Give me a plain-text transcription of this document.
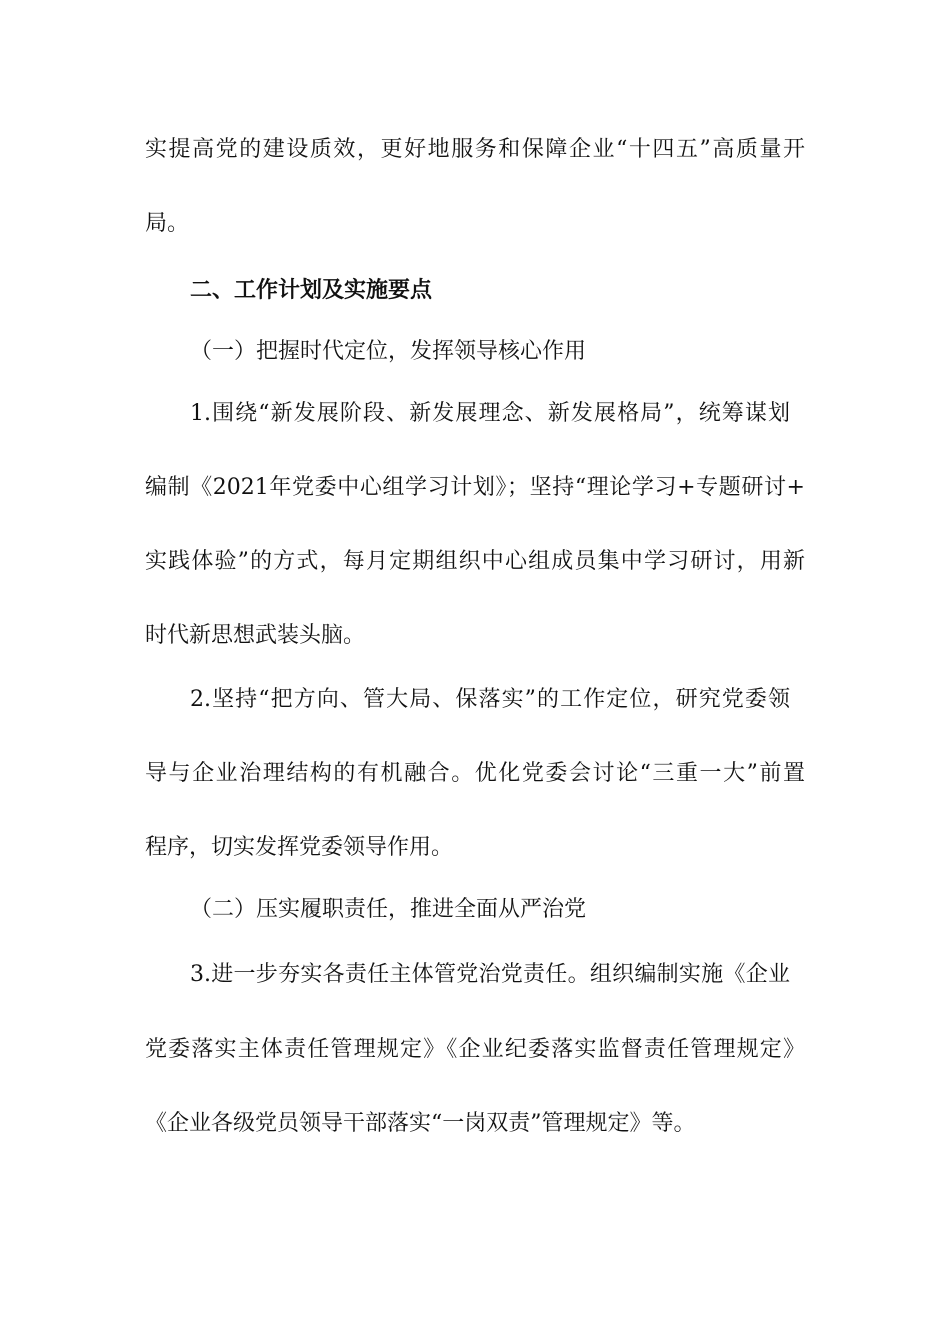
实提高党的建设质效，更好地服务和保障企业“十四五”高质量开
局。
二、工作计划及实施要点
（一）把握时代定位，发挥领导核心作用
1.围绕“新发展阶段、新发展理念、新发展格局”，统筹谋划
编制《2021年党委中心组学习计划》；坚持“理论学习+专题研讨+
实践体验”的方式，每月定期组织中心组成员集中学习研讨，用新
时代新思想武装头脑。
2.坚持“把方向、管大局、保落实”的工作定位，研究党委领
导与企业治理结构的有机融合。优化党委会讨论“三重一大”前置
程序，切实发挥党委领导作用。
（二）压实履职责任，推进全面从严治党
3.进一步夯实各责任主体管党治党责任。组织编制实施《企业
党委落实主体责任管理规定》《企业纪委落实监督责任管理规定》
《企业各级党员领导干部落实“一岗双责”管理规定》等。
